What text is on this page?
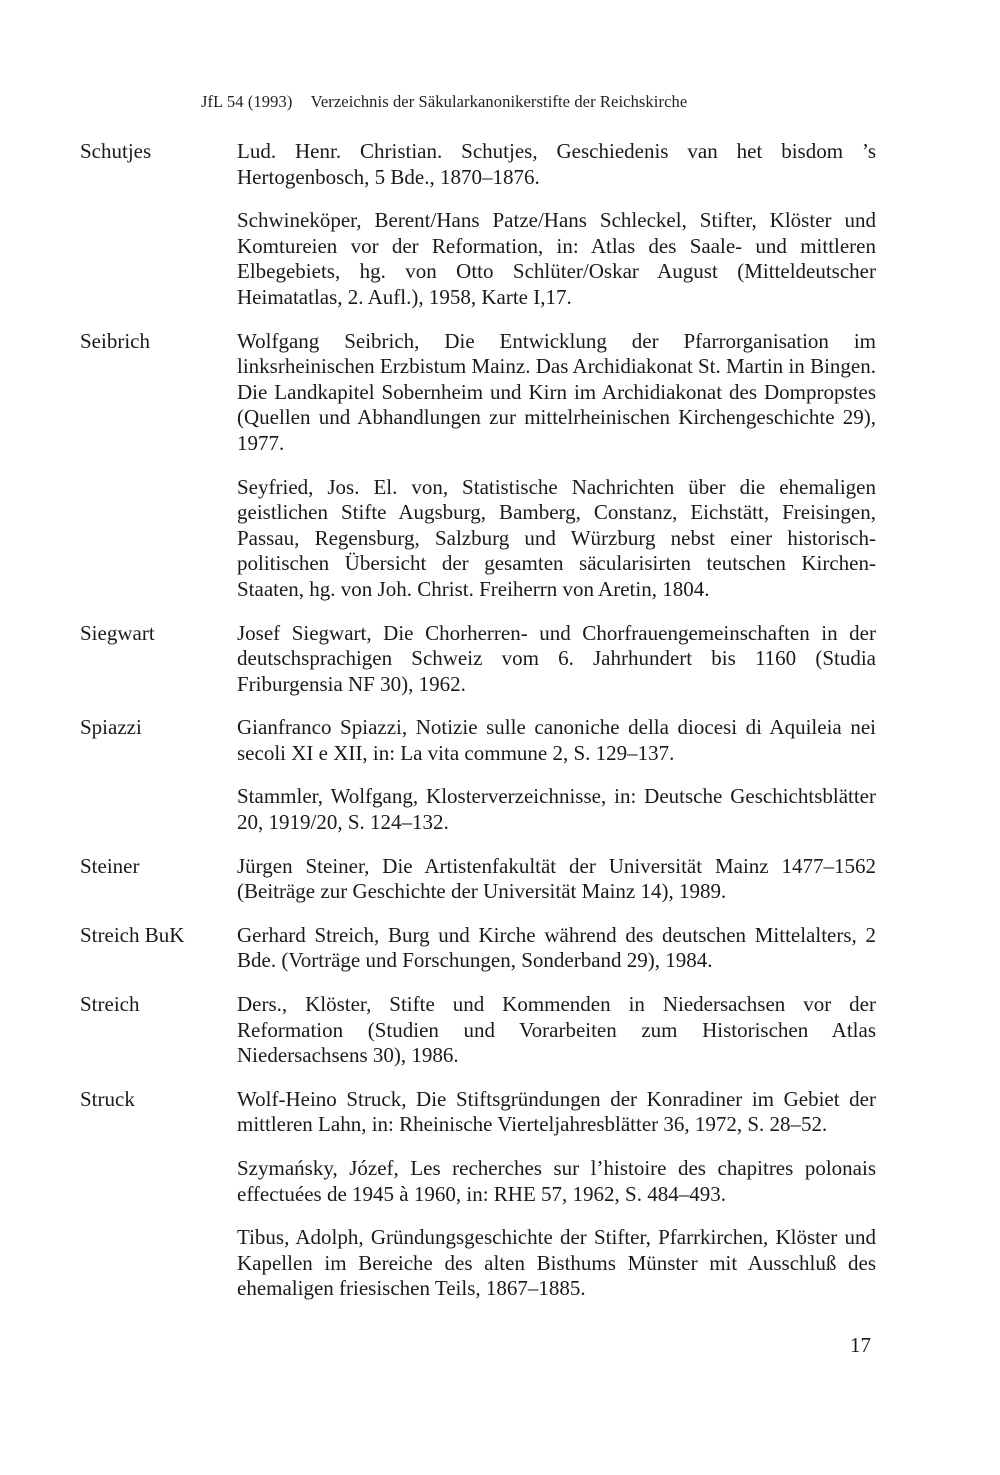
JfL 54 (1993) Verzeichnis der Säkularkanonikerstifte der Reichskirche
Schutjes	Lud. Henr. Christian. Schutjes, Geschiedenis van het bisdom ’s Hertogenbosch, 5 Bde., 1870–1876.
Schwineköper, Berent/Hans Patze/Hans Schleckel, Stifter, Klöster und Komtureien vor der Reformation, in: Atlas des Saale- und mittleren Elbegebiets, hg. von Otto Schlüter/Oskar August (Mitteldeutscher Heimatatlas, 2. Aufl.), 1958, Karte I,17.
Seibrich	Wolfgang Seibrich, Die Entwicklung der Pfarrorganisation im linksrheinischen Erzbistum Mainz. Das Archidiakonat St. Martin in Bingen. Die Landkapitel Sobernheim und Kirn im Archidiakonat des Dompropstes (Quellen und Abhandlungen zur mittelrheinischen Kirchengeschichte 29), 1977.
Seyfried, Jos. El. von, Statistische Nachrichten über die ehemaligen geistlichen Stifte Augsburg, Bamberg, Constanz, Eichstätt, Freisingen, Passau, Regensburg, Salzburg und Würzburg nebst einer historisch-politischen Übersicht der gesamten säcularisirten teutschen Kirchen-Staaten, hg. von Joh. Christ. Freiherrn von Aretin, 1804.
Siegwart	Josef Siegwart, Die Chorherren- und Chorfrauengemeinschaften in der deutschsprachigen Schweiz vom 6. Jahrhundert bis 1160 (Studia Friburgensia NF 30), 1962.
Spiazzi	Gianfranco Spiazzi, Notizie sulle canoniche della diocesi di Aquileia nei secoli XI e XII, in: La vita commune 2, S. 129–137.
Stammler, Wolfgang, Klosterverzeichnisse, in: Deutsche Geschichtsblätter 20, 1919/20, S. 124–132.
Steiner	Jürgen Steiner, Die Artistenfakultät der Universität Mainz 1477–1562 (Beiträge zur Geschichte der Universität Mainz 14), 1989.
Streich BuK	Gerhard Streich, Burg und Kirche während des deutschen Mittelalters, 2 Bde. (Vorträge und Forschungen, Sonderband 29), 1984.
Streich	Ders., Klöster, Stifte und Kommenden in Niedersachsen vor der Reformation (Studien und Vorarbeiten zum Historischen Atlas Niedersachsens 30), 1986.
Struck	Wolf-Heino Struck, Die Stiftsgründungen der Konradiner im Gebiet der mittleren Lahn, in: Rheinische Vierteljahresblätter 36, 1972, S. 28–52.
Szymańsky, Józef, Les recherches sur l’histoire des chapitres polonais effectuées de 1945 à 1960, in: RHE 57, 1962, S. 484–493.
Tibus, Adolph, Gründungsgeschichte der Stifter, Pfarrkirchen, Klöster und Kapellen im Bereiche des alten Bisthums Münster mit Ausschluß des ehemaligen friesischen Teils, 1867–1885.
17
